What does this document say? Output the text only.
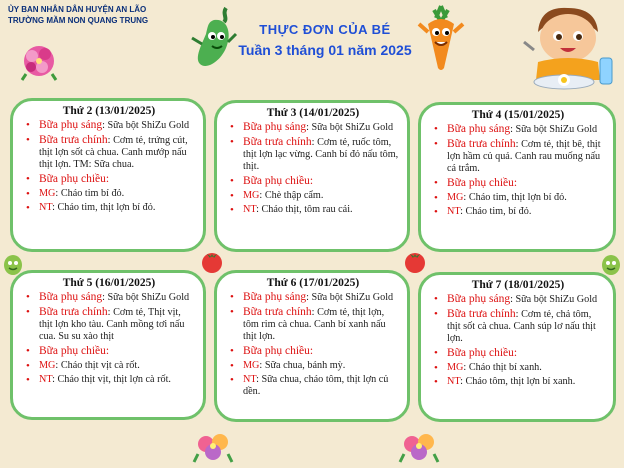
ỦY BAN NHÂN DÂN HUYỆN AN LÃO
TRƯỜNG MẦM NON QUANG TRUNG
THỰC ĐƠN CỦA BÉ
Tuần 3 tháng 01 năm 2025
Thứ 2 (13/01/2025)
• Bữa phụ sáng: Sữa bột ShiZu Gold
• Bữa trưa chính: Cơm tẻ, trứng cút, thịt lợn sốt cà chua. Canh mướp nấu thịt lợn. TM: Sữa chua.
• Bữa phụ chiều:
• MG: Cháo tim bí đỏ.
• NT: Cháo tim, thịt lợn bí đỏ.
Thứ 3 (14/01/2025)
• Bữa phụ sáng: Sữa bột ShiZu Gold
• Bữa trưa chính: Cơm tẻ, ruốc tôm, thịt lợn lạc vừng. Canh bí đỏ nấu tôm, thịt.
• Bữa phụ chiều:
• MG: Chè thập cẩm.
• NT: Cháo thịt, tôm rau cải.
Thứ 4 (15/01/2025)
• Bữa phụ sáng: Sữa bột ShiZu Gold
• Bữa trưa chính: Cơm tẻ, thịt bê, thịt lợn hầm củ quả. Canh rau muống nấu cá trắm.
• Bữa phụ chiều:
• MG: Cháo tim, thịt lợn bí đỏ.
• NT: Cháo tim, bí đỏ.
Thứ 5 (16/01/2025)
• Bữa phụ sáng: Sữa bột ShiZu Gold
• Bữa trưa chính: Cơm tẻ, Thịt vịt, thịt lợn kho tàu. Canh mồng tơi nấu cua. Su su xào thịt
• Bữa phụ chiều:
• MG: Cháo thịt vịt cà rốt.
• NT: Cháo thịt vịt, thịt lợn cà rốt.
Thứ 6 (17/01/2025)
• Bữa phụ sáng: Sữa bột ShiZu Gold
• Bữa trưa chính: Cơm tẻ, thịt lợn, tôm rim cà chua. Canh bí xanh nấu thịt lợn.
• Bữa phụ chiều:
• MG: Sữa chua, bánh mỳ.
• NT: Sữa chua, cháo tôm, thịt lợn củ dền.
Thứ 7 (18/01/2025)
• Bữa phụ sáng: Sữa bột ShiZu Gold
• Bữa trưa chính: Cơm tẻ, chả tôm, thịt sốt cà chua. Canh súp lơ nấu thịt lợn.
• Bữa phụ chiều:
• MG: Cháo thịt bí xanh.
• NT: Cháo tôm, thịt lợn bí xanh.
